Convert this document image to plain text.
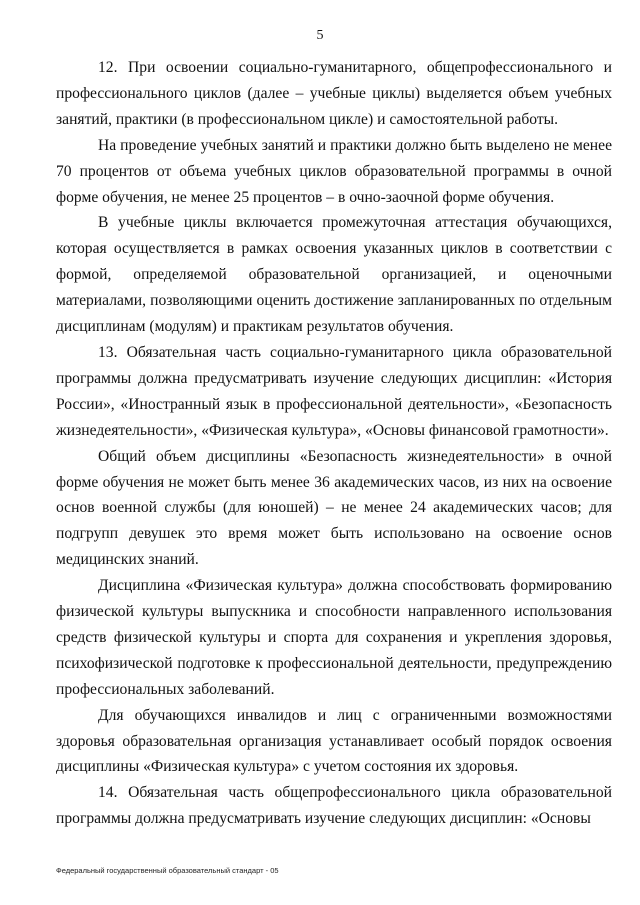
5

12. При освоении социально-гуманитарного, общепрофессионального и профессионального циклов (далее – учебные циклы) выделяется объем учебных занятий, практики (в профессиональном цикле) и самостоятельной работы.

На проведение учебных занятий и практики должно быть выделено не менее 70 процентов от объема учебных циклов образовательной программы в очной форме обучения, не менее 25 процентов – в очно-заочной форме обучения.

В учебные циклы включается промежуточная аттестация обучающихся, которая осуществляется в рамках освоения указанных циклов в соответствии с формой, определяемой образовательной организацией, и оценочными материалами, позволяющими оценить достижение запланированных по отдельным дисциплинам (модулям) и практикам результатов обучения.

13. Обязательная часть социально-гуманитарного цикла образовательной программы должна предусматривать изучение следующих дисциплин: «История России», «Иностранный язык в профессиональной деятельности», «Безопасность жизнедеятельности», «Физическая культура», «Основы финансовой грамотности».

Общий объем дисциплины «Безопасность жизнедеятельности» в очной форме обучения не может быть менее 36 академических часов, из них на освоение основ военной службы (для юношей) – не менее 24 академических часов; для подгрупп девушек это время может быть использовано на освоение основ медицинских знаний.

Дисциплина «Физическая культура» должна способствовать формированию физической культуры выпускника и способности направленного использования средств физической культуры и спорта для сохранения и укрепления здоровья, психофизической подготовке к профессиональной деятельности, предупреждению профессиональных заболеваний.

Для обучающихся инвалидов и лиц с ограниченными возможностями здоровья образовательная организация устанавливает особый порядок освоения дисциплины «Физическая культура» с учетом состояния их здоровья.

14. Обязательная часть общепрофессионального цикла образовательной программы должна предусматривать изучение следующих дисциплин: «Основы

Федеральный государственный образовательный стандарт - 05
